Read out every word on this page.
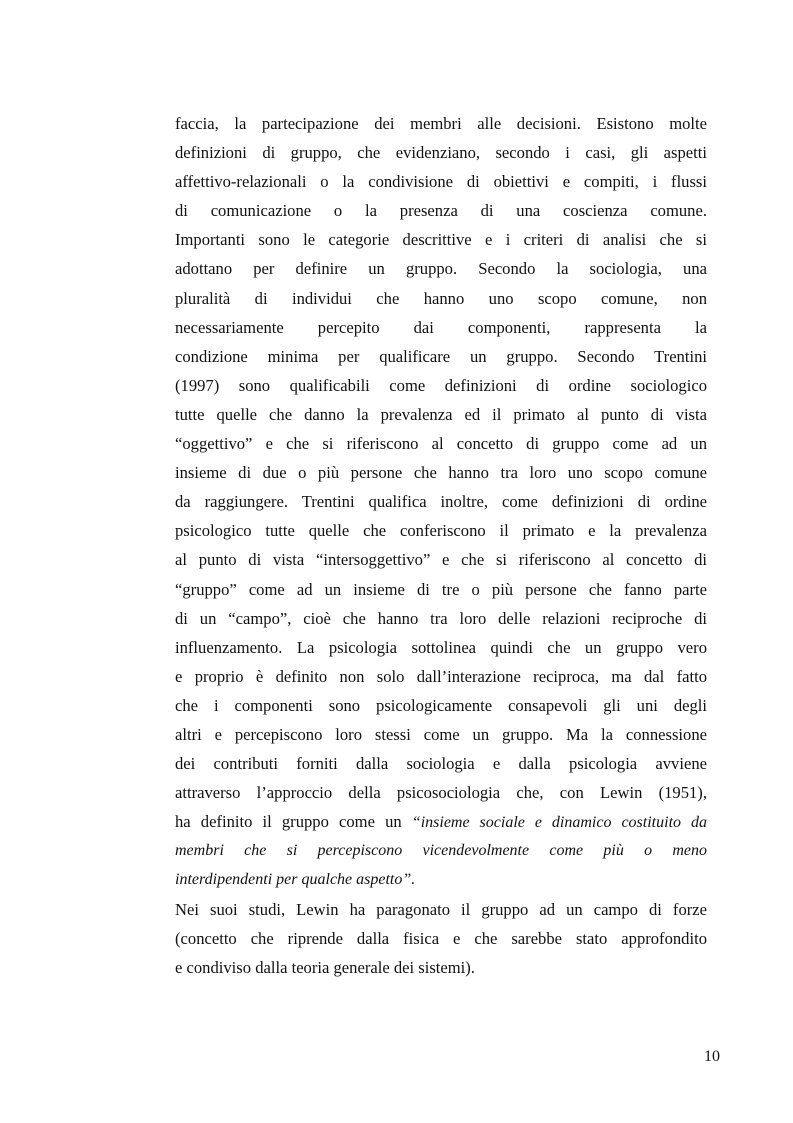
faccia, la partecipazione dei membri alle decisioni. Esistono molte
definizioni di gruppo, che evidenziano, secondo i casi, gli aspetti
affettivo-relazionali o la condivisione di obiettivi e compiti, i flussi
di comunicazione o la presenza di una coscienza comune.
Importanti sono le categorie descrittive e i criteri di analisi che si
adottano per definire un gruppo. Secondo la sociologia, una
pluralità di individui che hanno uno scopo comune, non
necessariamente percepito dai componenti, rappresenta la
condizione minima per qualificare un gruppo. Secondo Trentini
(1997) sono qualificabili come definizioni di ordine sociologico
tutte quelle che danno la prevalenza ed il primato al punto di vista
“oggettivo” e che si riferiscono al concetto di gruppo come ad un
insieme di due o più persone che hanno tra loro uno scopo comune
da raggiungere. Trentini qualifica inoltre, come definizioni di ordine
psicologico tutte quelle che conferiscono il primato e la prevalenza
al punto di vista “intersoggettivo” e che si riferiscono al concetto di
“gruppo” come ad un insieme di tre o più persone che fanno parte
di un “campo”, cioè che hanno tra loro delle relazioni reciproche di
influenzamento. La psicologia sottolinea quindi che un gruppo vero
e proprio è definito non solo dall’interazione reciproca, ma dal fatto
che i componenti sono psicologicamente consapevoli gli uni degli
altri e percepiscono loro stessi come un gruppo. Ma la connessione
dei contributi forniti dalla sociologia e dalla psicologia avviene
attraverso l’approccio della psicosociologia che, con Lewin (1951),
ha definito il gruppo come un “insieme sociale e dinamico costituito da
membri che si percepiscono vicendevolmente come più o meno
interdipendenti per qualche aspetto”.
Nei suoi studi, Lewin ha paragonato il gruppo ad un campo di forze
(concetto che riprende dalla fisica e che sarebbe stato approfondito
e condiviso dalla teoria generale dei sistemi).
10
